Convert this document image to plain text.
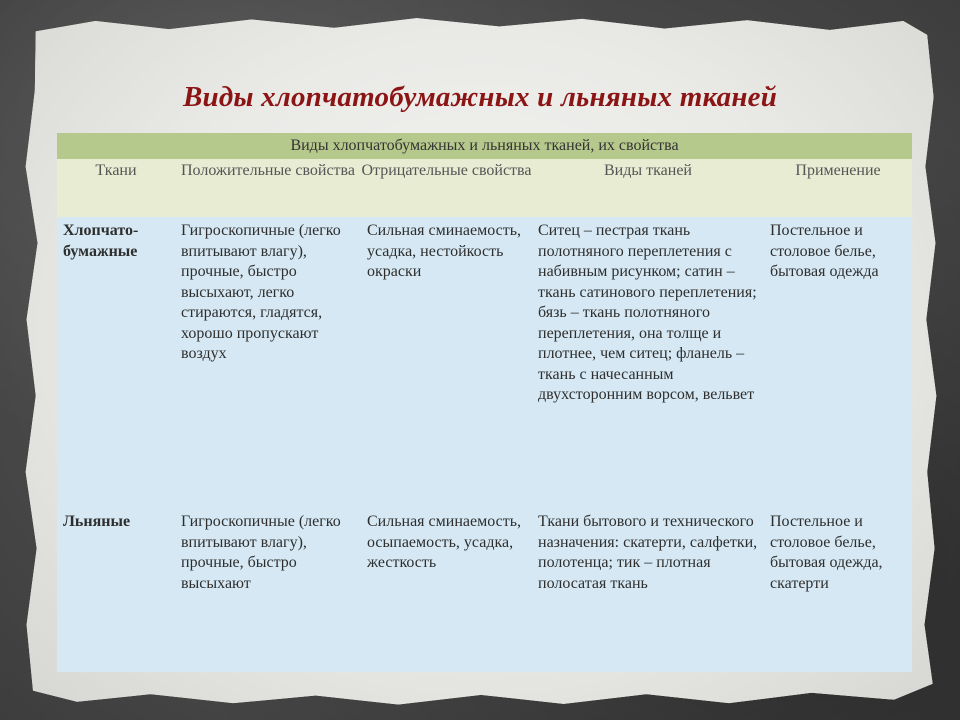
Виды хлопчатобумажных и льняных тканей
Виды хлопчатобумажных и льняных тканей, их свойства				
Ткани	Положительные свойства	Отрицательные свойства	Виды тканей	Применение
Хлопчато-бумажные	Гигроскопичные (легко впитывают влагу), прочные, быстро высыхают, легко стираются, гладятся, хорошо пропускают воздух	Сильная сминаемость, усадка, нестойкость окраски	Ситец – пестрая ткань полотняного переплетения с набивным рисунком; сатин – ткань сатинового переплетения; бязь – ткань полотняного переплетения, она толще и плотнее, чем ситец; фланель – ткань с начесанным двухсторонним ворсом, вельвет	Постельное и столовое белье, бытовая одежда
Льняные	Гигроскопичные (легко впитывают влагу), прочные, быстро высыхают	Сильная сминаемость, осыпаемость, усадка, жесткость	Ткани бытового и технического назначения: скатерти, салфетки, полотенца; тик – плотная полосатая ткань	Постельное и столовое белье, бытовая одежда, скатерти
